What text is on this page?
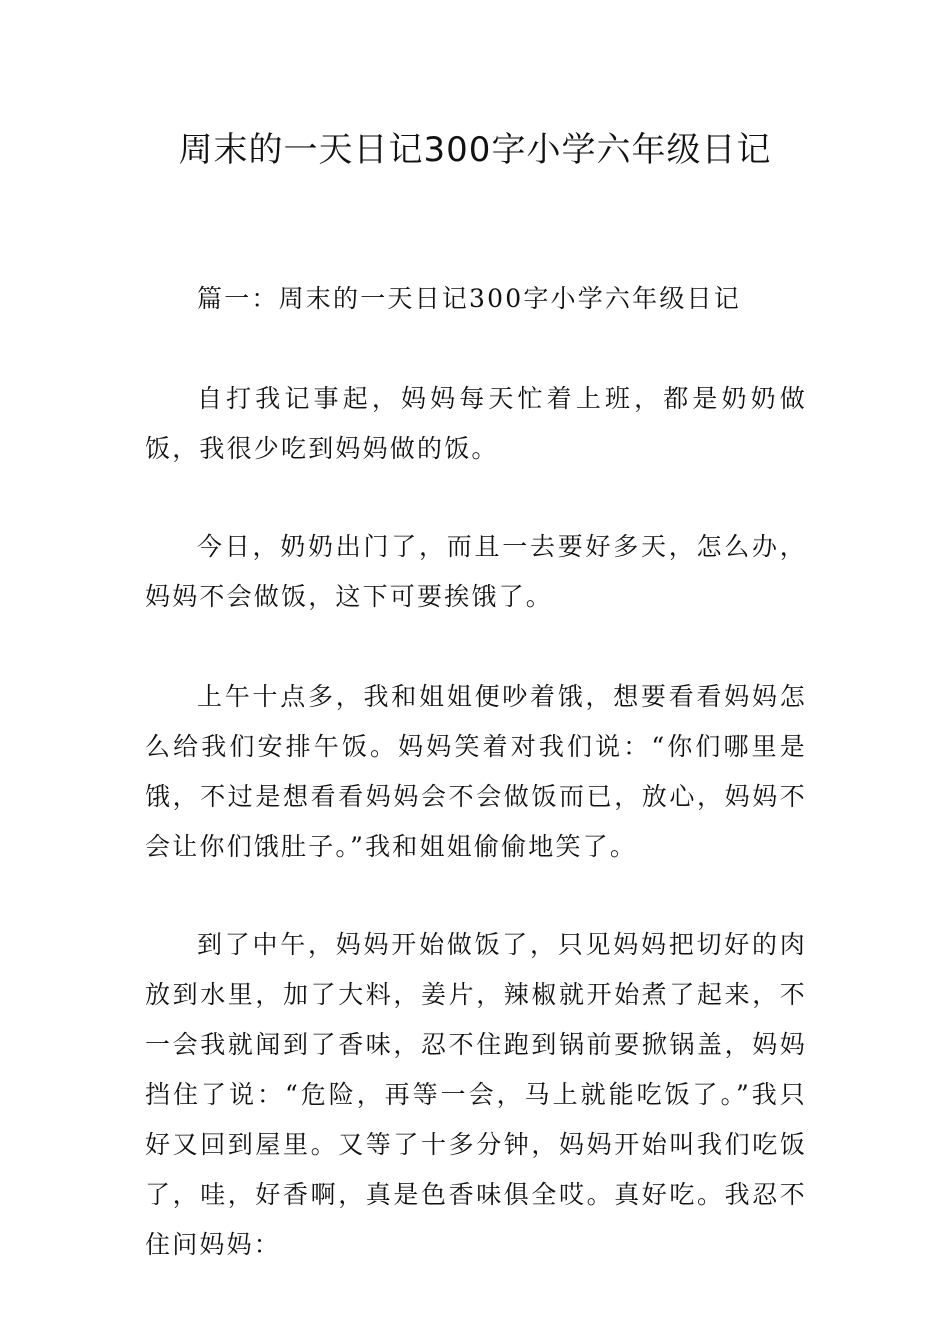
周末的一天日记300字小学六年级日记

篇一：周末的一天日记300字小学六年级日记

自打我记事起，妈妈每天忙着上班，都是奶奶做饭，我很少吃到妈妈做的饭。

今日，奶奶出门了，而且一去要好多天，怎么办，妈妈不会做饭，这下可要挨饿了。

上午十点多，我和姐姐便吵着饿，想要看看妈妈怎么给我们安排午饭。妈妈笑着对我们说：“你们哪里是饿，不过是想看看妈妈会不会做饭而已，放心，妈妈不会让你们饿肚子。”我和姐姐偷偷地笑了。

到了中午，妈妈开始做饭了，只见妈妈把切好的肉放到水里，加了大料，姜片，辣椒就开始煮了起来，不一会我就闻到了香味，忍不住跑到锅前要掀锅盖，妈妈挡住了说：“危险，再等一会，马上就能吃饭了。”我只好又回到屋里。又等了十多分钟，妈妈开始叫我们吃饭了，哇，好香啊，真是色香味俱全哎。真好吃。我忍不住问妈妈：
